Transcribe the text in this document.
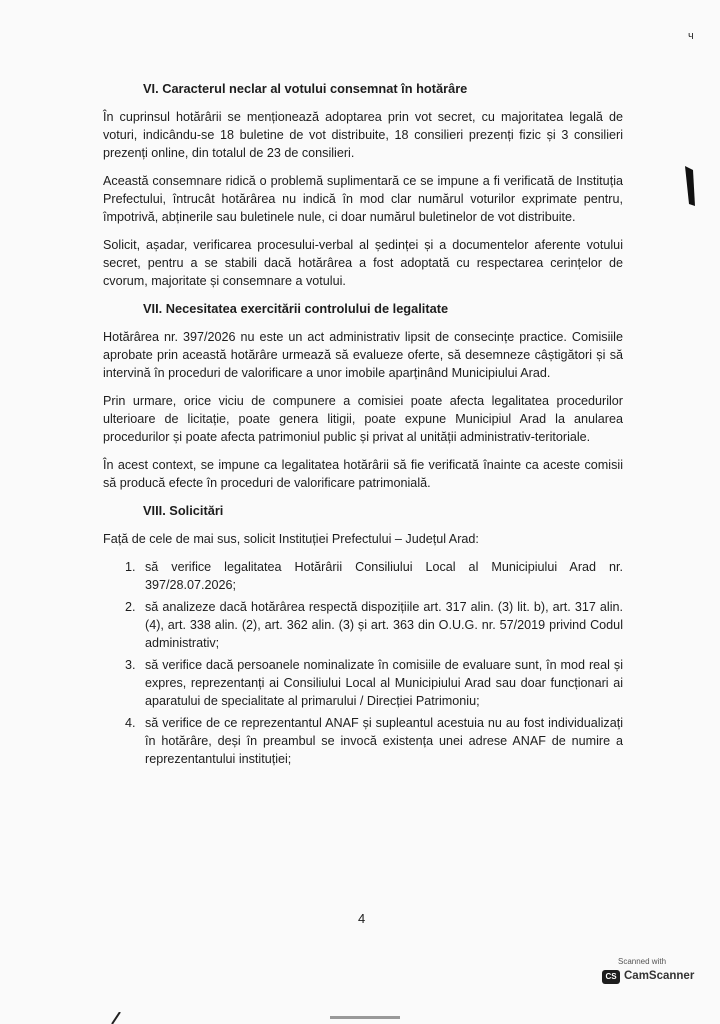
ч
VI. Caracterul neclar al votului consemnat în hotărâre

În cuprinsul hotărârii se menționează adoptarea prin vot secret, cu majoritatea legală de voturi, indicându-se 18 buletine de vot distribuite, 18 consilieri prezenți fizic și 3 consilieri prezenți online, din totalul de 23 de consilieri.

Această consemnare ridică o problemă suplimentară ce se impune a fi verificată de Instituția Prefectului, întrucât hotărârea nu indică în mod clar numărul voturilor exprimate pentru, împotrivă, abținerile sau buletinele nule, ci doar numărul buletinelor de vot distribuite.

Solicit, așadar, verificarea procesului-verbal al ședinței și a documentelor aferente votului secret, pentru a se stabili dacă hotărârea a fost adoptată cu respectarea cerințelor de cvorum, majoritate și consemnare a votului.

VII. Necesitatea exercitării controlului de legalitate

Hotărârea nr. 397/2026 nu este un act administrativ lipsit de consecințe practice. Comisiile aprobate prin această hotărâre urmează să evalueze oferte, să desemneze câștigători și să intervină în proceduri de valorificare a unor imobile aparținând Municipiului Arad.

Prin urmare, orice viciu de compunere a comisiei poate afecta legalitatea procedurilor ulterioare de licitație, poate genera litigii, poate expune Municipiul Arad la anularea procedurilor și poate afecta patrimoniul public și privat al unității administrativ-teritoriale.

În acest context, se impune ca legalitatea hotărârii să fie verificată înainte ca aceste comisii să producă efecte în proceduri de valorificare patrimonială.

VIII. Solicitări

Față de cele de mai sus, solicit Instituției Prefectului – Județul Arad:

1. să verifice legalitatea Hotărârii Consiliului Local al Municipiului Arad nr. 397/28.07.2026;
2. să analizeze dacă hotărârea respectă dispozițiile art. 317 alin. (3) lit. b), art. 317 alin. (4), art. 338 alin. (2), art. 362 alin. (3) și art. 363 din O.U.G. nr. 57/2019 privind Codul administrativ;
3. să verifice dacă persoanele nominalizate în comisiile de evaluare sunt, în mod real și expres, reprezentanți ai Consiliului Local al Municipiului Arad sau doar funcționari ai aparatului de specialitate al primarului / Direcției Patrimoniu;
4. să verifice de ce reprezentantul ANAF și supleantul acestuia nu au fost individualizați în hotărâre, deși în preambul se invocă existența unei adrese ANAF de numire a reprezentantului instituției;
4
Scanned with
CS CamScanner
